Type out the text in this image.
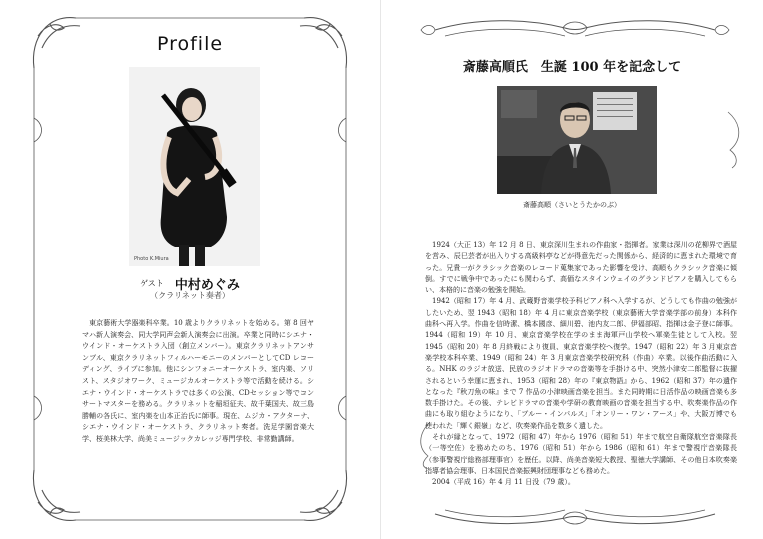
Profile
Photo K.Miura
ゲスト 中村めぐみ
（クラリネット奏者）
　東京藝術大学器楽科卒業。10 歳よりクラリネットを始める。第 8 回ヤマハ新人演奏会、同大学同声会新人演奏会に出演。卒業と同時にシエナ・ウインド・オーケストラ入団（創立メンバー）。東京クラリネットアンサンブル、東京クラリネットフィルハーモニーのメンバーとしてCD レコーディング、ライブに参加。他にシンフォニーオーケストラ、室内楽、ソリスト、スタジオワーク、ミュージカルオーケストラ等で活動を続ける。シエナ・ウインド・オーケストラでは多くの公演、CDセッション等でコンサートマスターを務める。クラリネットを稲垣征夫、故千葉国夫、故三島勝輔の各氏に、室内楽を山本正治氏に師事。現在、ムジカ・アクターナ、シエナ・ウインド・オーケストラ、クラリネット奏者。洗足学園音楽大学、桜美林大学、尚美ミュージックカレッジ専門学校、非常勤講師。
斎藤高順氏　生誕 100 年を記念して
斎藤高順（さいとうたかのぶ）
　1924（大正 13）年 12 月 8 日、東京深川生まれの作曲家・指揮者。家業は深川の花柳界で酒屋を営み、辰巳芸者が出入りする高級料亭などが得意先だった関係から、経済的に恵まれた環境で育った。兄貴一がクラシック音楽のレコード蒐集家であった影響を受け、高順もクラシック音楽に傾倒。すでに戦争中であったにも関わらず、高価なスタインウェイのグランドピアノを購入してもらい、本格的に音楽の勉強を開始。
　1942（昭和 17）年 4 月、武蔵野音楽学校予科ピアノ科へ入学するが、どうしても作曲の勉強がしたいため、翌 1943（昭和 18）年 4 月に東京音楽学校（東京藝術大学音楽学部の前身）本科作曲科へ再入学。作曲を信時潔、橋本國彦、細川碧、池内友二郎、伊福部昭、指揮は金子登に師事。1944（昭和 19）年 10 月、東京音楽学校在学のまま海軍戸山学校へ軍楽生徒として入校。翌 1945（昭和 20）年 8 月終戦により復員、東京音楽学校へ復学。1947（昭和 22）年 3 月東京音楽学校本科卒業、1949（昭和 24）年 3 月東京音楽学校研究科（作曲）卒業。以後作曲活動に入る。NHK のラジオ放送、民放のラジオドラマの音楽等を手掛ける中、突然小津安二郎監督に抜擢されるという幸運に恵まれ、1953（昭和 28）年の『東京物語』から、1962（昭和 37）年の遺作となった『秋刀魚の味』まで 7 作品の小津映画音楽を担当。また同時期に日活作品の映画音楽も多数手掛けた。その後、テレビドラマの音楽や学研の教育映画の音楽を担当する中、吹奏楽作品の作曲にも取り組むようになり、「ブルー・インパルス」「オンリー・ワン・アース」や、大阪万博でも使われた「輝く銀嶺」など、吹奏楽作品を数多く遺した。
　それが縁となって、1972（昭和 47）年から 1976（昭和 51）年まで航空自衛隊航空音楽隊長（一等空佐）を務めたのち、1976（昭和 51）年から 1986（昭和 61）年まで警視庁音楽隊長（参事警視庁総務部理事官）を歴任。以降、尚美音楽短大教授、聖徳大学講師、その他日本吹奏楽指導者協会理事、日本国民音楽振興財団理事なども務めた。
　2004（平成 16）年 4 月 11 日没（79 歳）。
